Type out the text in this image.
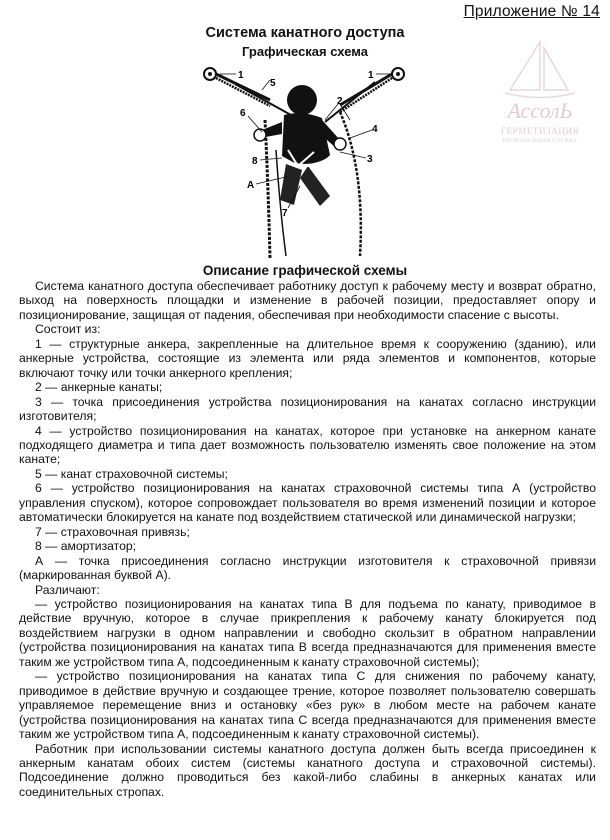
Приложение № 14
Система канатного доступа
Графическая схема
АссолЬ
ГЕРМЕТИЗАЦИЯ
РЕГИОНАЛЬНАЯ СЛУЖБА
1	1
5
2
6
4
3
8
A
7
Описание графической схемы

Система канатного доступа обеспечивает работнику доступ к рабочему месту и возврат обратно, выход на поверхность площадки и изменение в рабочей позиции, предоставляет опору и позиционирование, защищая от падения, обеспечивая при необходимости спасение с высоты.

Состоит из:

1 — структурные анкера, закрепленные на длительное время к сооружению (зданию), или анкерные устройства, состоящие из элемента или ряда элементов и компонентов, которые включают точку или точки анкерного крепления;

2 — анкерные канаты;

3 — точка присоединения устройства позиционирования на канатах согласно инструкции изготовителя;

4 — устройство позиционирования на канатах, которое при установке на анкерном канате подходящего диаметра и типа дает возможность пользователю изменять свое положение на этом канате;

5 — канат страховочной системы;

6 — устройство позиционирования на канатах страховочной системы типа А (устройство управления спуском), которое сопровождает пользователя во время изменений позиции и которое автоматически блокируется на канате под воздействием статической или динамической нагрузки;

7 — страховочная привязь;

8 — амортизатор;

А — точка присоединения согласно инструкции изготовителя к страховочной привязи (маркированная буквой А).

Различают:

— устройство позиционирования на канатах типа В для подъема по канату, приводимое в действие вручную, которое в случае прикрепления к рабочему канату блокируется под воздействием нагрузки в одном направлении и свободно скользит в обратном направлении (устройства позиционирования на канатах типа В всегда предназначаются для применения вместе таким же устройством типа А, подсоединенным к канату страховочной системы);

— устройство позиционирования на канатах типа С для снижения по рабочему канату, приводимое в действие вручную и создающее трение, которое позволяет пользователю совершать управляемое перемещение вниз и остановку «без рук» в любом месте на рабочем канате (устройства позиционирования на канатах типа С всегда предназначаются для применения вместе таким же устройством типа А, подсоединенным к канату страховочной системы).

Работник при использовании системы канатного доступа должен быть всегда присоединен к анкерным канатам обоих систем (системы канатного доступа и страховочной системы). Подсоединение должно проводиться без какой-либо слабины в анкерных канатах или соединительных стропах.
